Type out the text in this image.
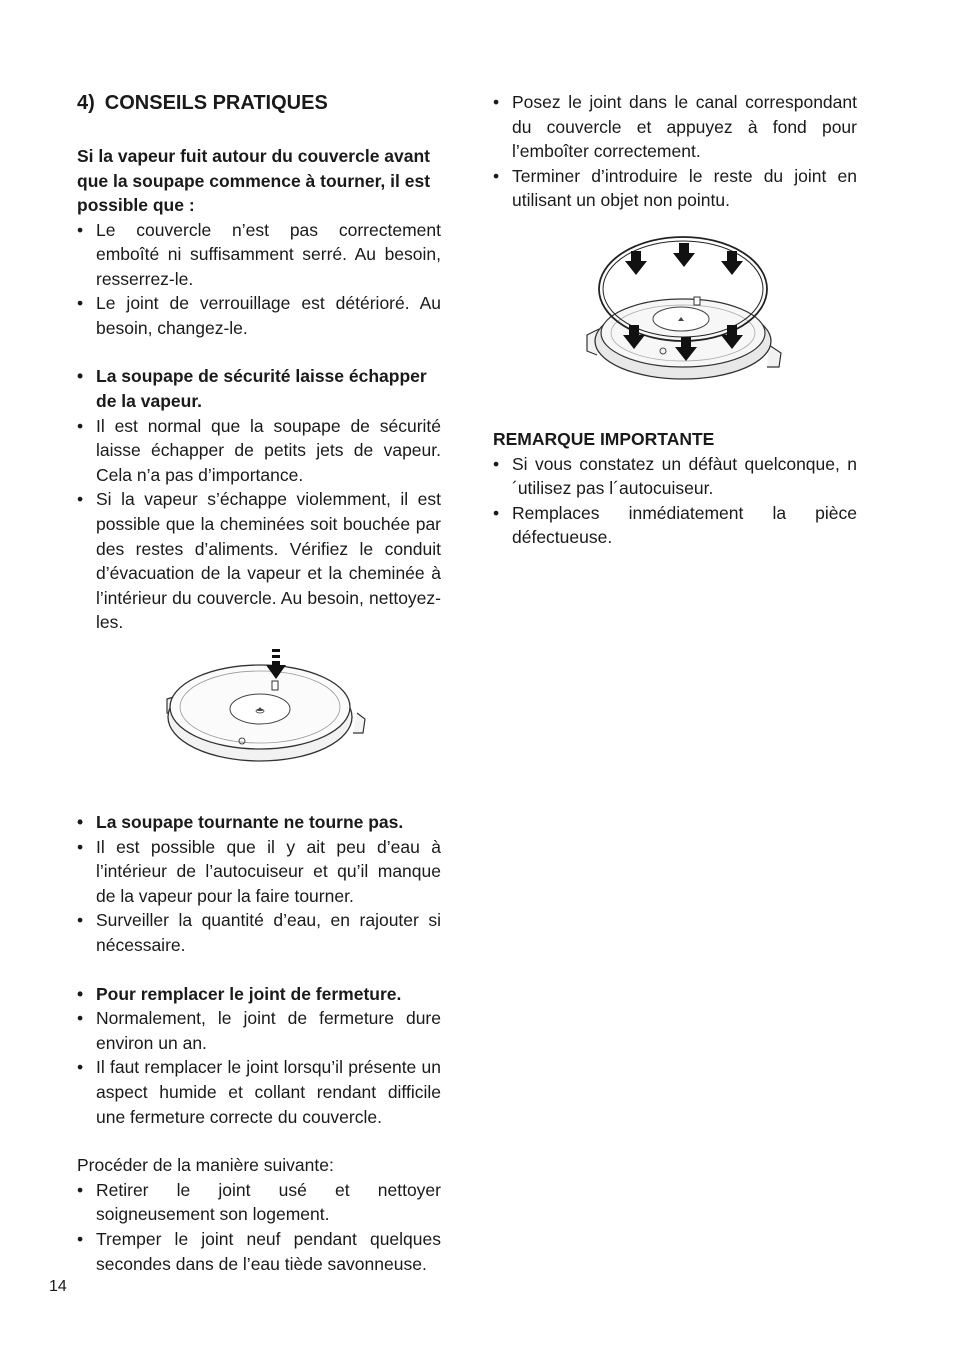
4) CONSEILS PRATIQUES

Si la vapeur fuit autour du couvercle avant que la soupape commence à tourner, il est possible que :

• Le couvercle n’est pas correctement emboîté ni suffisamment serré. Au besoin, resserrez-le.
• Le joint de verrouillage est détérioré. Au besoin, changez-le.
• La soupape de sécurité laisse échapper de la vapeur.
• Il est normal que la soupape de sécurité laisse échapper de petits jets de vapeur. Cela n’a pas d’importance.
• Si la vapeur s’échappe violemment, il est possible que la cheminées soit bouchée par des restes d’aliments. Vérifiez le conduit d’évacuation de la vapeur et la cheminée à l’intérieur du couvercle. Au besoin, nettoyez-les.
• La soupape tournante ne tourne pas.
• Il est possible que il y ait peu d’eau à l’intérieur de l’autocuiseur et qu’il manque de la vapeur pour la faire tourner.
• Surveiller la quantité d’eau, en rajouter si nécessaire.
• Pour remplacer le joint de fermeture.
• Normalement, le joint de fermeture dure environ un an.
• Il faut remplacer le joint lorsqu’il présente un aspect humide et collant rendant difficile une fermeture correcte du couvercle.

Procéder de la manière suivante:

• Retirer le joint usé et nettoyer soigneusement son logement.
• Tremper le joint neuf pendant quelques secondes dans de l’eau tiède savonneuse.
• Posez le joint dans le canal correspondant du couvercle et appuyez à fond pour l’emboîter correctement.
• Terminer d’introduire le reste du joint en utilisant un objet non pointu.

REMARQUE IMPORTANTE

• Si vous constatez un défàut quelconque, n´utilisez pas l´autocuiseur.
• Remplaces inmédiatement la pièce défectueuse.
14
